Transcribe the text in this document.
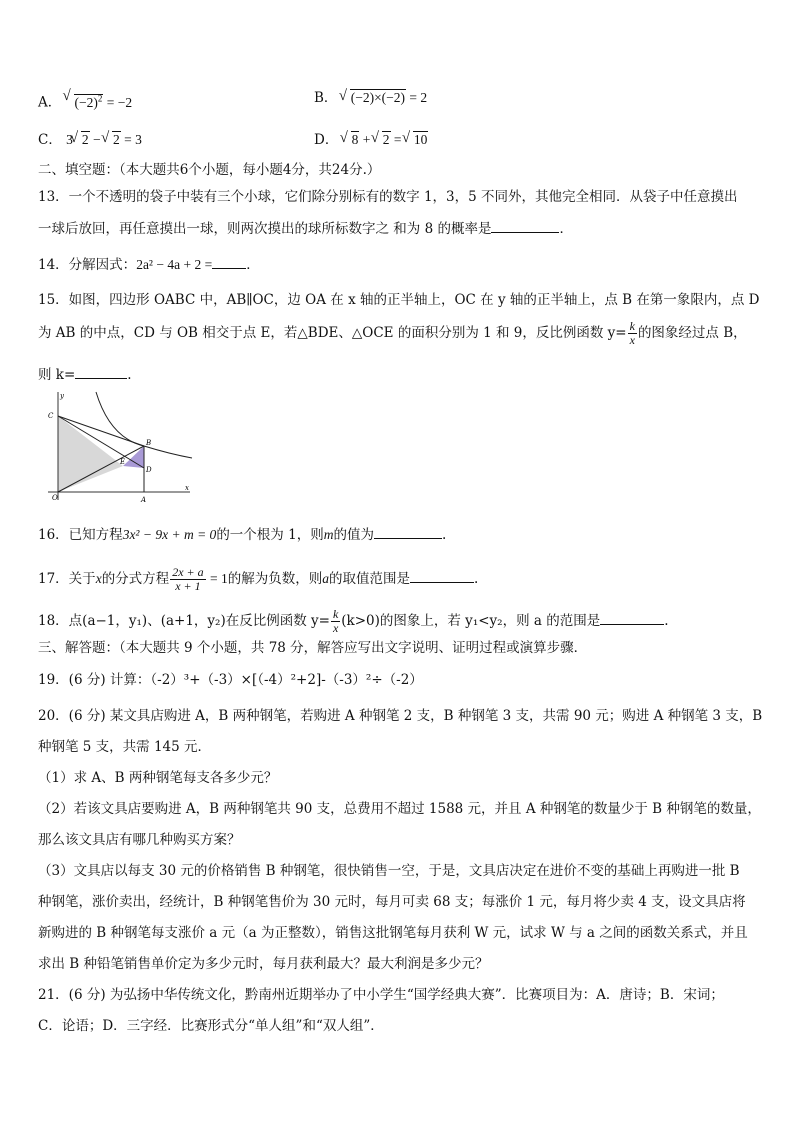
A． √ $(-2)^2 = -2$	B． √ (−2)×(−2) = 2
C． 3 √ 2 − √ 2 = 3	D． √ 8 + √ 2 = √ 10
二、填空题：（本大题共6个小题，每小题4分，共24分.）
13．一个不透明的袋子中装有三个小球，它们除分别标有的数字 1，3，5 不同外，其他完全相同．从袋子中任意摸出
一球后放回，再任意摸出一球，则两次摸出的球所标数字之 和为 8 的概率是	．
14．分解因式：2a² − 4a + 2 =	．
15．如图，四边形 OABC 中，AB∥OC，边 OA 在 x 轴的正半轴上，OC 在 y 轴的正半轴上，点 B 在第一象限内，点 D
为 AB 的中点，CD 与 OB 相交于点 E，若△BDE、△OCE 的面积分别为 1 和 9，反比例函数 $y= \frac{k}{x}$ 的图象经过点 B，
则 k=	.
y
x
C
B
E
D
O	A
16．已知方程3x² − 9x + m = 0的一个根为 1，则m的值为	.
17．关于x的分式方程 $\frac{2x + a}{x + 1} = 1$的解为负数，则a的取值范围是	.
18．点(a−1，y₁)、(a+1，y₂)在反比例函数 $y= \frac{k}{x} (k>0)$的图象上，若 y₁<y₂，则 a 的范围是	.
三、解答题：（本大题共 9 个小题，共 78 分，解答应写出文字说明、证明过程或演算步骤．
19．(6 分) 计算：（-2）³+（-3）×[（-4）²+2]-（-3）²÷（-2）
20．(6 分) 某文具店购进 A，B 两种钢笔，若购进 A 种钢笔 2 支，B 种钢笔 3 支，共需 90 元；购进 A 种钢笔 3 支，B
种钢笔 5 支，共需 145 元．
（1）求 A、B 两种钢笔每支各多少元？
（2）若该文具店要购进 A，B 两种钢笔共 90 支，总费用不超过 1588 元，并且 A 种钢笔的数量少于 B 种钢笔的数量，
那么该文具店有哪几种购买方案？
（3）文具店以每支 30 元的价格销售 B 种钢笔，很快销售一空，于是，文具店决定在进价不变的基础上再购进一批 B
种钢笔，涨价卖出，经统计，B 种钢笔售价为 30 元时，每月可卖 68 支；每涨价 1 元，每月将少卖 4 支，设文具店将
新购进的 B 种钢笔每支涨价 a 元（a 为正整数），销售这批钢笔每月获利 W 元，试求 W 与 a 之间的函数关系式，并且
求出 B 种铅笔销售单价定为多少元时，每月获利最大？最大利润是多少元？
21．(6 分) 为弘扬中华传统文化，黔南州近期举办了中小学生“国学经典大赛”．比赛项目为：A．唐诗；B．宋词；
C．论语；D．三字经．比赛形式分“单人组”和“双人组”．
